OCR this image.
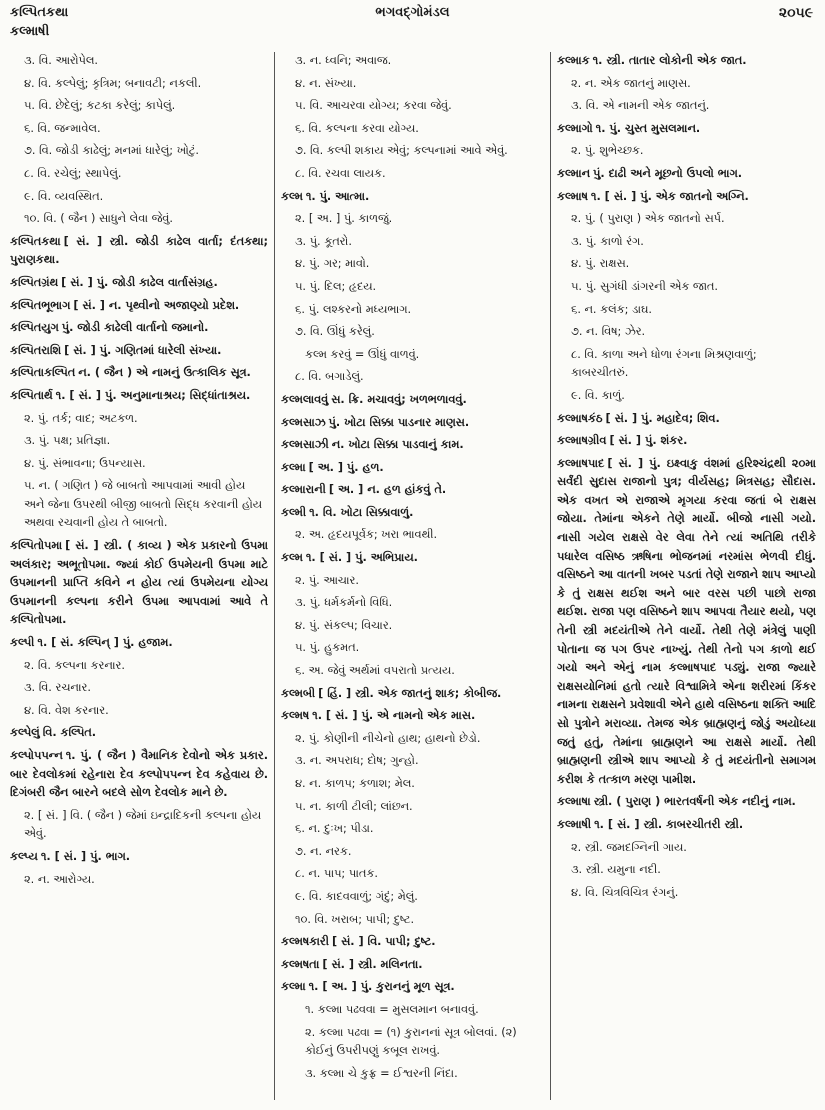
કલ્પિતકથા	ભગવદ્ગોમંડલ	૨૦૫૯
કલ્માષી
૩. વિ. આરોપેલ.
૪. વિ. કલ્પેલું; કૃત્રિમ; બનાવટી; નકલી.
૫. વિ. છેદેલું; કટકા કરેલું; કાપેલું.
૬. વિ. જન્માવેલ.
૭. વિ. જોડી કાઢેલું; મનમાં ધારેલું; ખોટું.
૮. વિ. રચેલું; સ્થાપેલું.
૯. વિ. વ્યવસ્થિત.
૧૦. વિ. ( જૈન ) સાધુને લેવા જેવું.
કલ્પિતકથા [ સં. ] સ્ત્રી. જોડી કાઢેલ વાર્તા; દંતકથા; પુરાણકથા.
કલ્પિતગ્રંથ [ સં. ] પું. જોડી કાઢેલ વાર્તાસંગ્રહ.
કલ્પિતભૂભાગ [ સં. ] ન. પૃથ્વીનો અજાણ્યો પ્રદેશ.
કલ્પિતયુગ પું. જોડી કાઢેલી વાર્તાનો જમાનો.
કલ્પિતરાશિ [ સં. ] પું. ગણિતમાં ધારેલી સંખ્યા.
કલ્પિતાકલ્પિત ન. ( જૈન ) એ નામનું ઉત્કાલિક સૂત્ર.
કલ્પિતાર્થ ૧. [ સં. ] પું. અનુમાનાશ્રય; સિદ્ધાંતાશ્રય.
૨. પું. તર્ક; વાદ; અટકળ.
૩. પું. પક્ષ; પ્રતિજ્ઞા.
૪. પું. સંભાવના; ઉપન્યાસ.
૫. ન. ( ગણિત ) જે બાબતો આપવામાં આવી હોય અને જેના ઉપરથી બીજી બાબતો સિદ્ધ કરવાની હોય અથવા રચવાની હોય તે બાબતો.
કલ્પિતોપમા [ સં. ] સ્ત્રી. ( કાવ્ય ) એક પ્રકારનો ઉપમા અલંકાર; અભૂતોપમા. જ્યાં કોઈ ઉપમેયની ઉપમા માટે ઉપમાનની પ્રાપ્તિ કવિને ન હોય ત્યાં ઉપમેયના યોગ્ય ઉપમાનની કલ્પના કરીને ઉપમા આપવામાં આવે તે કલ્પિતોપમા.
કલ્પી ૧. [ સં. કલ્પિન્ ] પું. હજામ.
૨. વિ. કલ્પના કરનાર.
૩. વિ. રચનાર.
૪. વિ. વેશ કરનાર.
કલ્પેલું વિ. કલ્પિત.
કલ્પોપપન્ન ૧. પું. ( જૈન ) વૈમાનિક દેવોનો એક પ્રકાર. બાર દેવલોકમાં રહેનારા દેવ કલ્પોપપન્ન દેવ કહેવાય છે. દિગંબરી જૈન બારને બદલે સોળ દેવલોક માને છે.
૨. [ સં. ] વિ. ( જૈન ) જેમાં ઇન્દ્રાદિકની કલ્પના હોય એવું.
કલ્પ્ય ૧. [ સં. ] પું. ભાગ.
૨. ન. આરોગ્ય.
૩. ન. ધ્વનિ; અવાજ.
૪. ન. સંખ્યા.
૫. વિ. આચરવા યોગ્ય; કરવા જેવું.
૬. વિ. કલ્પના કરવા યોગ્ય.
૭. વિ. કલ્પી શકાય એવું; કલ્પનામાં આવે એવું.
૮. વિ. રચવા લાયક.
કલ્મ ૧. પું. આત્મા.
૨. [ અ. ] પું. કાળજું.
૩. પું. કૂતરો.
૪. પું. ગર; માવો.
૫. પું. દિલ; હૃદય.
૬. પું. લશ્કરનો મધ્યભાગ.
૭. વિ. ઊંધું કરેલું.
કલ્મ કરવું = ઊંધું વાળવું.
૮. વિ. બગાડેલું.
કલ્મલાવવું સ. ક્રિ. મચાવવું; ખળભળાવવું.
કલ્મસાઝ પું. ખોટા સિક્કા પાડનાર માણસ.
કલ્મસાઝી ન. ખોટા સિક્કા પાડવાનું કામ.
કલ્મા [ અ. ] પું. હળ.
કલ્મારાની [ અ. ] ન. હળ હાંકવું તે.
કલ્મી ૧. વિ. ખોટા સિક્કાવાળું.
૨. અ. હૃદયપૂર્વક; ખરા ભાવથી.
કલ્મ ૧. [ સં. ] પું. અભિપ્રાય.
૨. પું. આચાર.
૩. પું. ધર્મકર્મનો વિધિ.
૪. પું. સંકલ્પ; વિચાર.
૫. પું. હુકમત.
૬. અ. જેવું અર્થમાં વપરાતો પ્રત્યય.
કલ્મબી [ હિં. ] સ્ત્રી. એક જાતનું શાક; કોબીજ.
કલ્મષ ૧. [ સં. ] પું. એ નામનો એક માસ.
૨. પું. કોણીની નીચેનો હાથ; હાથનો છેડો.
૩. ન. અપરાધ; દોષ; ગુન્હો.
૪. ન. કાળપ; કળાશ; મેલ.
૫. ન. કાળી ટીલી; લાંછન.
૬. ન. દુઃખ; પીડા.
૭. ન. નરક.
૮. ન. પાપ; પાતક.
૯. વિ. કાદવવાળું; ગંદું; મેલું.
૧૦. વિ. ખરાબ; પાપી; દુષ્ટ.
કલ્મષકારી [ સં. ] વિ. પાપી; દુષ્ટ.
કલ્મષતા [ સં. ] સ્ત્રી. મલિનતા.
કલ્મા ૧. [ અ. ] પું. કુરાનનું મૂળ સૂત્ર.
૧. કલ્મા પઢવવા = મુસલમાન બનાવવું.
૨. કલ્મા પઢવા = (૧) કુરાનનાં સૂત્ર બોલવાં. (૨) કોઈનું ઉપરીપણું કબૂલ રાખવું.
૩. કલ્મા ચે કુફ્ર = ઈશ્વરની નિંદા.
કલ્માક ૧. સ્ત્રી. તાતાર લોકોની એક જાત.
૨. ન. એક જાતનું માણસ.
૩. વિ. એ નામની એક જાતનું.
કલ્માગો ૧. પું. ચુસ્ત મુસલમાન.
૨. પું. શુભેચ્છક.
કલ્માન પું. દાઢી અને મૂછનો ઉપલો ભાગ.
કલ્માષ ૧. [ સં. ] પું. એક જાતનો અગ્નિ.
૨. પું. ( પુરાણ ) એક જાતનો સર્પ.
૩. પું. કાળો રંગ.
૪. પું. રાક્ષસ.
૫. પું. સુગંધી ડાંગરની એક જાત.
૬. ન. કલંક; ડાઘ.
૭. ન. વિષ; ઝેર.
૮. વિ. કાળા અને ધોળા રંગના મિશ્રણવાળું; કાબરચીતરું.
૯. વિ. કાળું.
કલ્માષકંઠ [ સં. ] પું. મહાદેવ; શિવ.
કલ્માષગ્રીવ [ સં. ] પું. શંકર.
કલ્માષપાદ [ સં. ] પું. ઇક્ષ્વાકુ વંશમાં હરિશ્ચંદ્રથી ૨૦મા સર્વંદી સુદાસ રાજાનો પુત્ર; વીર્યસહ; મિત્રસહ; સૌદાસ. એક વખત એ રાજાએ મૃગયા કરવા જતાં બે રાક્ષસ જોયા. તેમાંના એકને તેણે માર્યો. બીજો નાસી ગયો. નાસી ગયેલ રાક્ષસે વેર લેવા તેને ત્યાં અતિથિ તરીકે પધારેલ વસિષ્ઠ ઋષિના ભોજનમાં નરમાંસ ભેળવી દીધું. વસિષ્ઠને આ વાતની ખબર પડતાં તેણે રાજાને શાપ આપ્યો કે તું રાક્ષસ થઈશ અને બાર વરસ પછી પાછો રાજા થઈશ. રાજા પણ વસિષ્ઠને શાપ આપવા તૈયાર થયો, પણ તેની સ્ત્રી મદયંતીએ તેને વાર્યો. તેથી તેણે મંત્રેલું પાણી પોતાના જ પગ ઉપર નાખ્યું. તેથી તેનો પગ કાળો થઈ ગયો અને એનું નામ કલ્માષપાદ પડ્યું. રાજા જ્યારે રાક્ષસયોનિમાં હતો ત્યારે વિશ્વામિત્રે એના શરીરમાં કિંકર નામના રાક્ષસને પ્રવેશાવી એને હાથે વસિષ્ઠના શક્તિ આદિ સો પુત્રોને મરાવ્યા. તેમજ એક બ્રાહ્મણનું જોડું અયોધ્યા જતું હતું, તેમાંના બ્રાહ્મણને આ રાક્ષસે માર્યો. તેથી બ્રાહ્મણની સ્ત્રીએ શાપ આપ્યો કે તું મદયંતીનો સમાગમ કરીશ કે તત્કાળ મરણ પામીશ.
કલ્માષા સ્ત્રી. ( પુરાણ ) ભારતવર્ષની એક નદીનું નામ.
કલ્માષી ૧. [ સં. ] સ્ત્રી. કાબરચીતરી સ્ત્રી.
૨. સ્ત્રી. જમદગ્નિની ગાય.
૩. સ્ત્રી. યમુના નદી.
૪. વિ. ચિત્રવિચિત્ર રંગનું.
